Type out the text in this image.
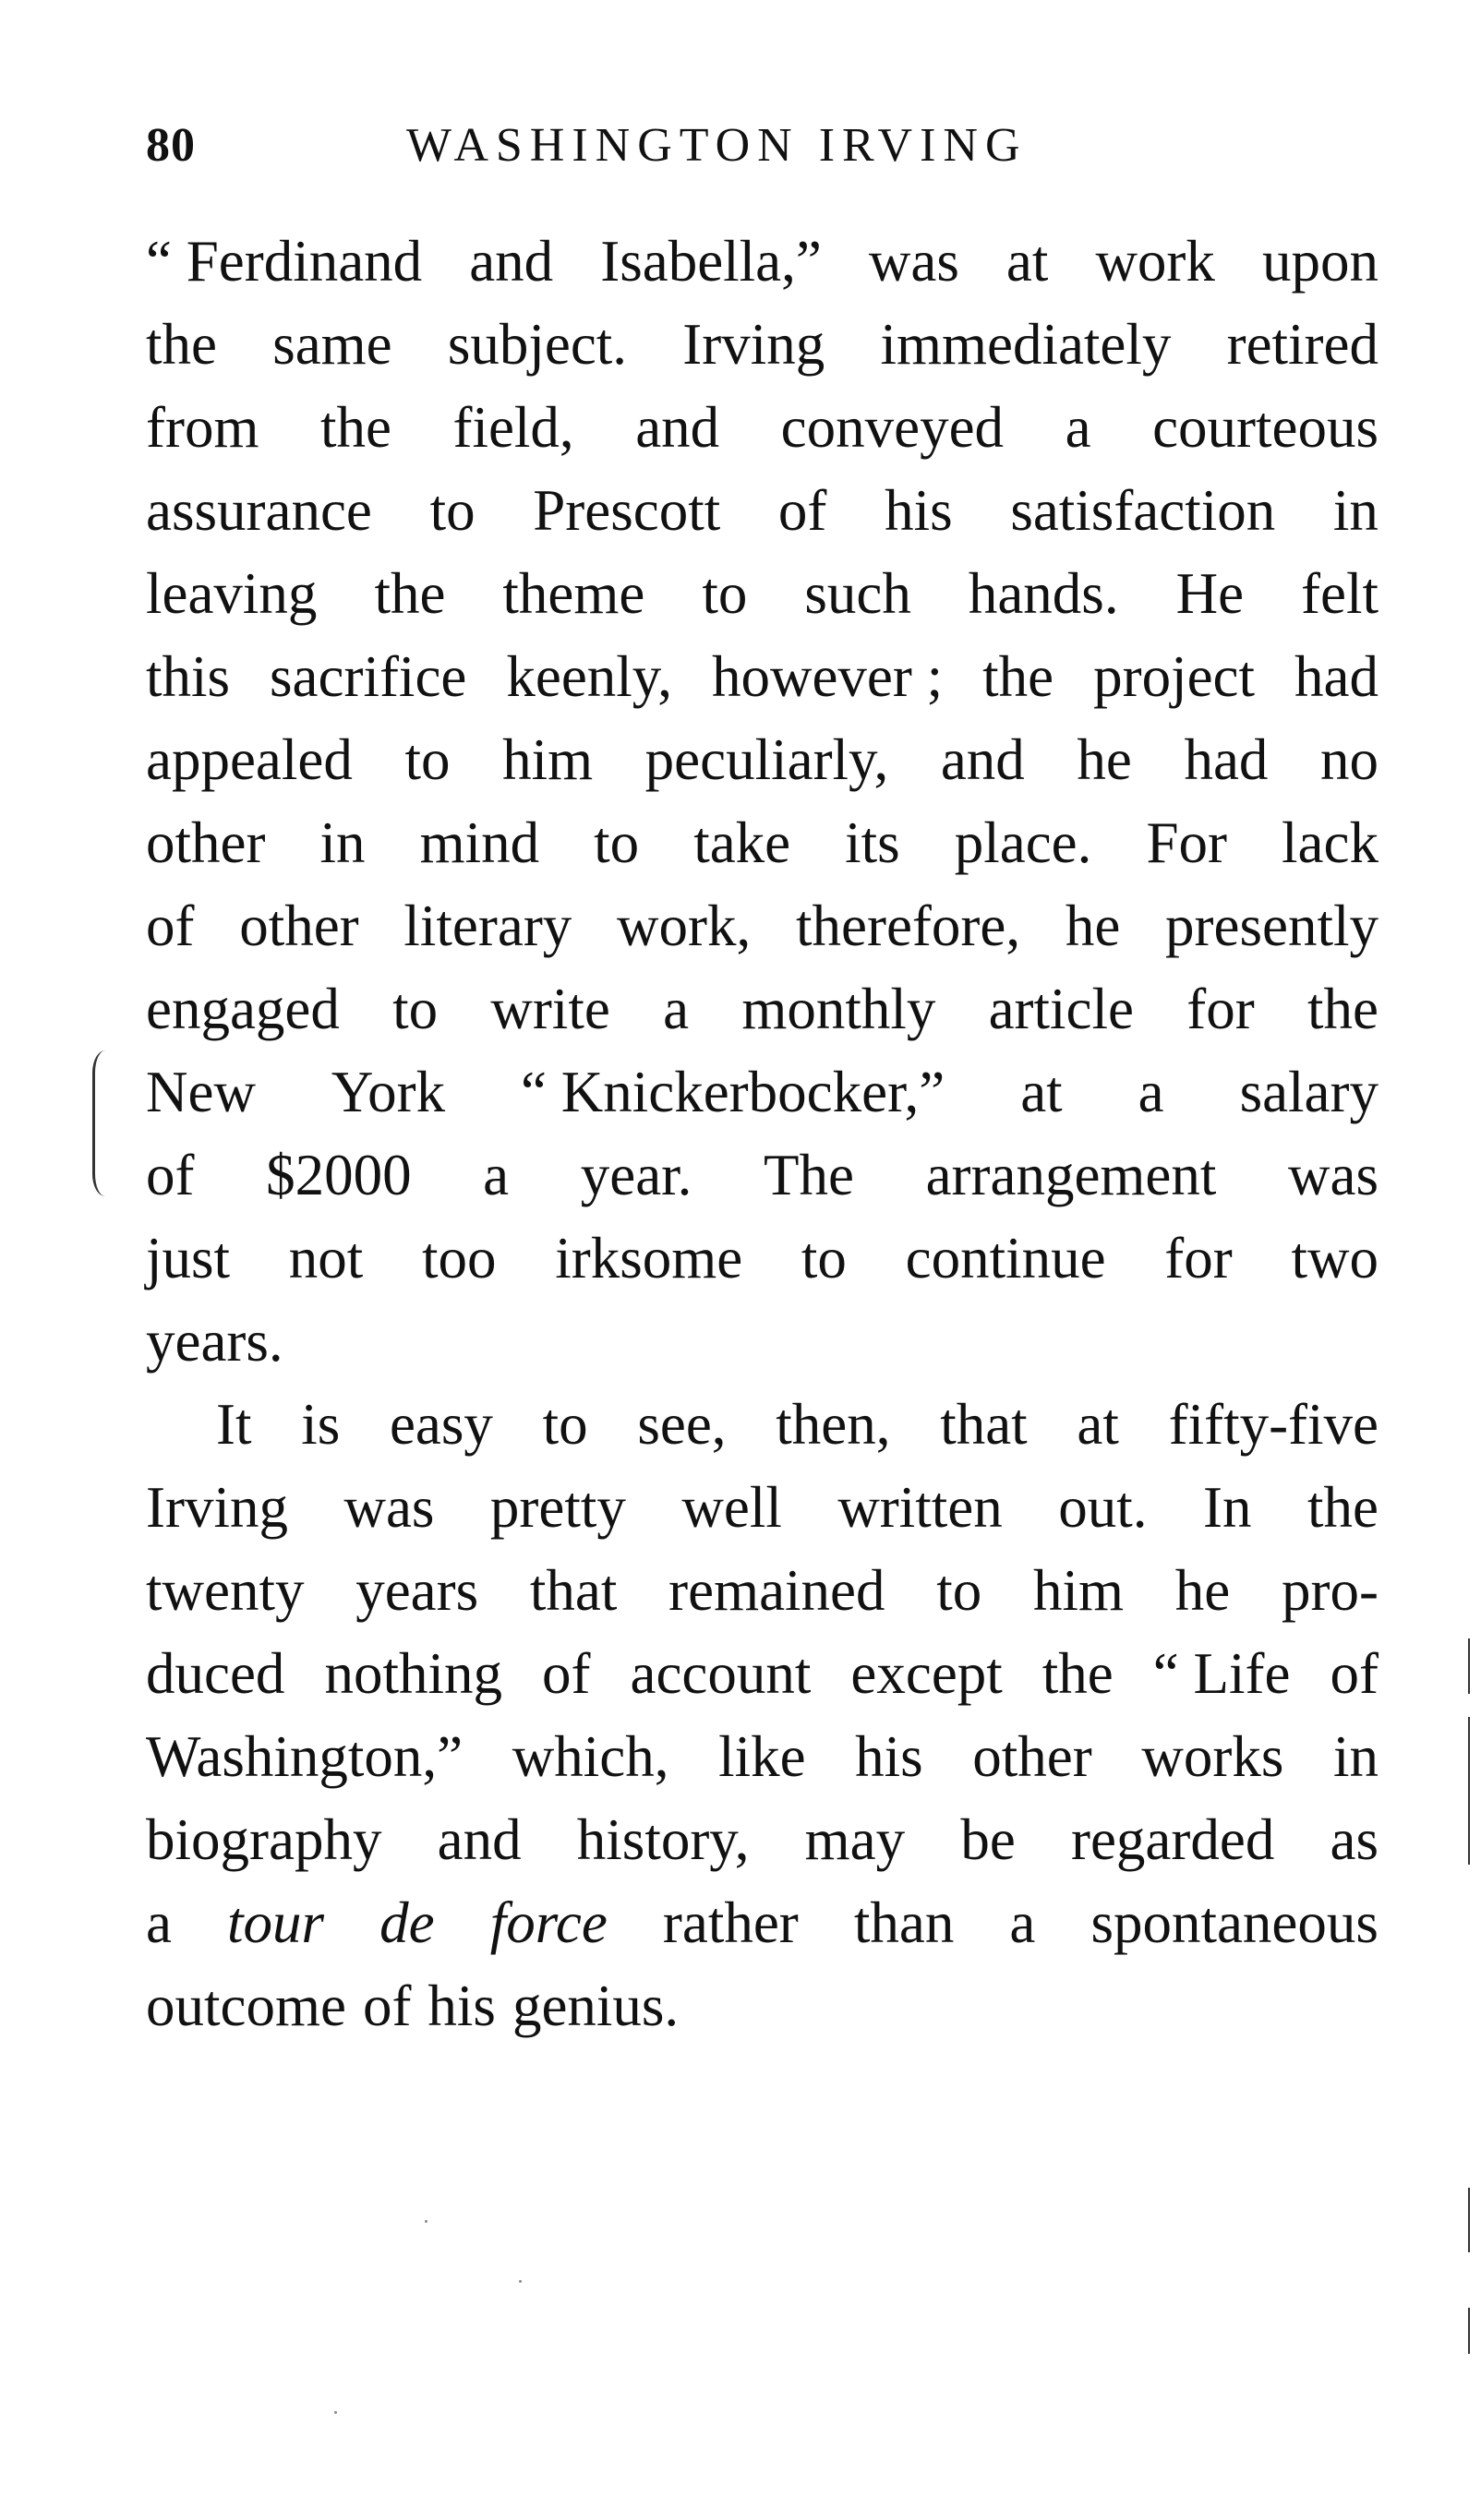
80	WASHINGTON IRVING
“ Ferdinand and Isabella,” was at work upon
the same subject. Irving immediately retired
from the field, and conveyed a courteous
assurance to Prescott of his satisfaction in
leaving the theme to such hands. He felt
this sacrifice keenly, however ; the project had
appealed to him peculiarly, and he had no
other in mind to take its place. For lack
of other literary work, therefore, he presently
engaged to write a monthly article for the
New York “ Knickerbocker,” at a salary
of $2000 a year. The arrangement was
just not too irksome to continue for two
years.
It is easy to see, then, that at fifty-five
Irving was pretty well written out. In the
twenty years that remained to him he pro-
duced nothing of account except the “ Life of
Washington,” which, like his other works in
biography and history, may be regarded as
a tour de force rather than a spontaneous
outcome of his genius.
